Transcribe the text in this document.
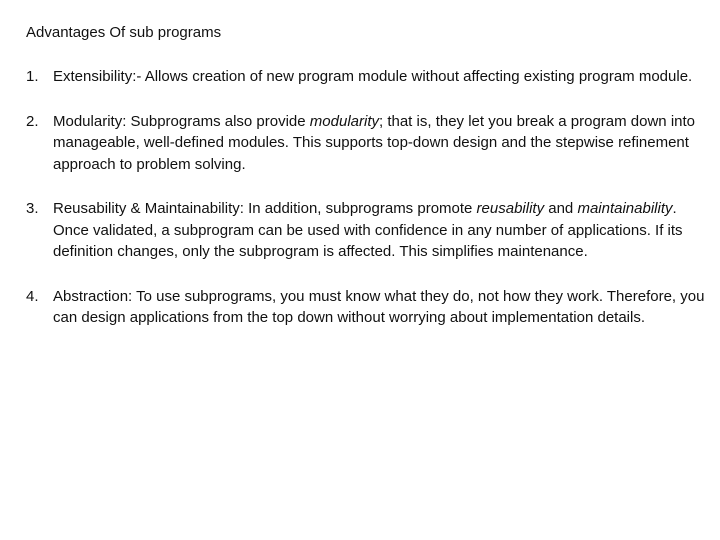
Advantages Of sub programs
1. Extensibility:- Allows creation of new program module without affecting existing program module.
2. Modularity: Subprograms also provide modularity; that is, they let you break a program down into manageable, well-defined modules. This supports top-down design and the stepwise refinement approach to problem solving.
3. Reusability & Maintainability: In addition, subprograms promote reusability and maintainability. Once validated, a subprogram can be used with confidence in any number of applications. If its definition changes, only the subprogram is affected. This simplifies maintenance.
4. Abstraction: To use subprograms, you must know what they do, not how they work. Therefore, you can design applications from the top down without worrying about implementation details.
